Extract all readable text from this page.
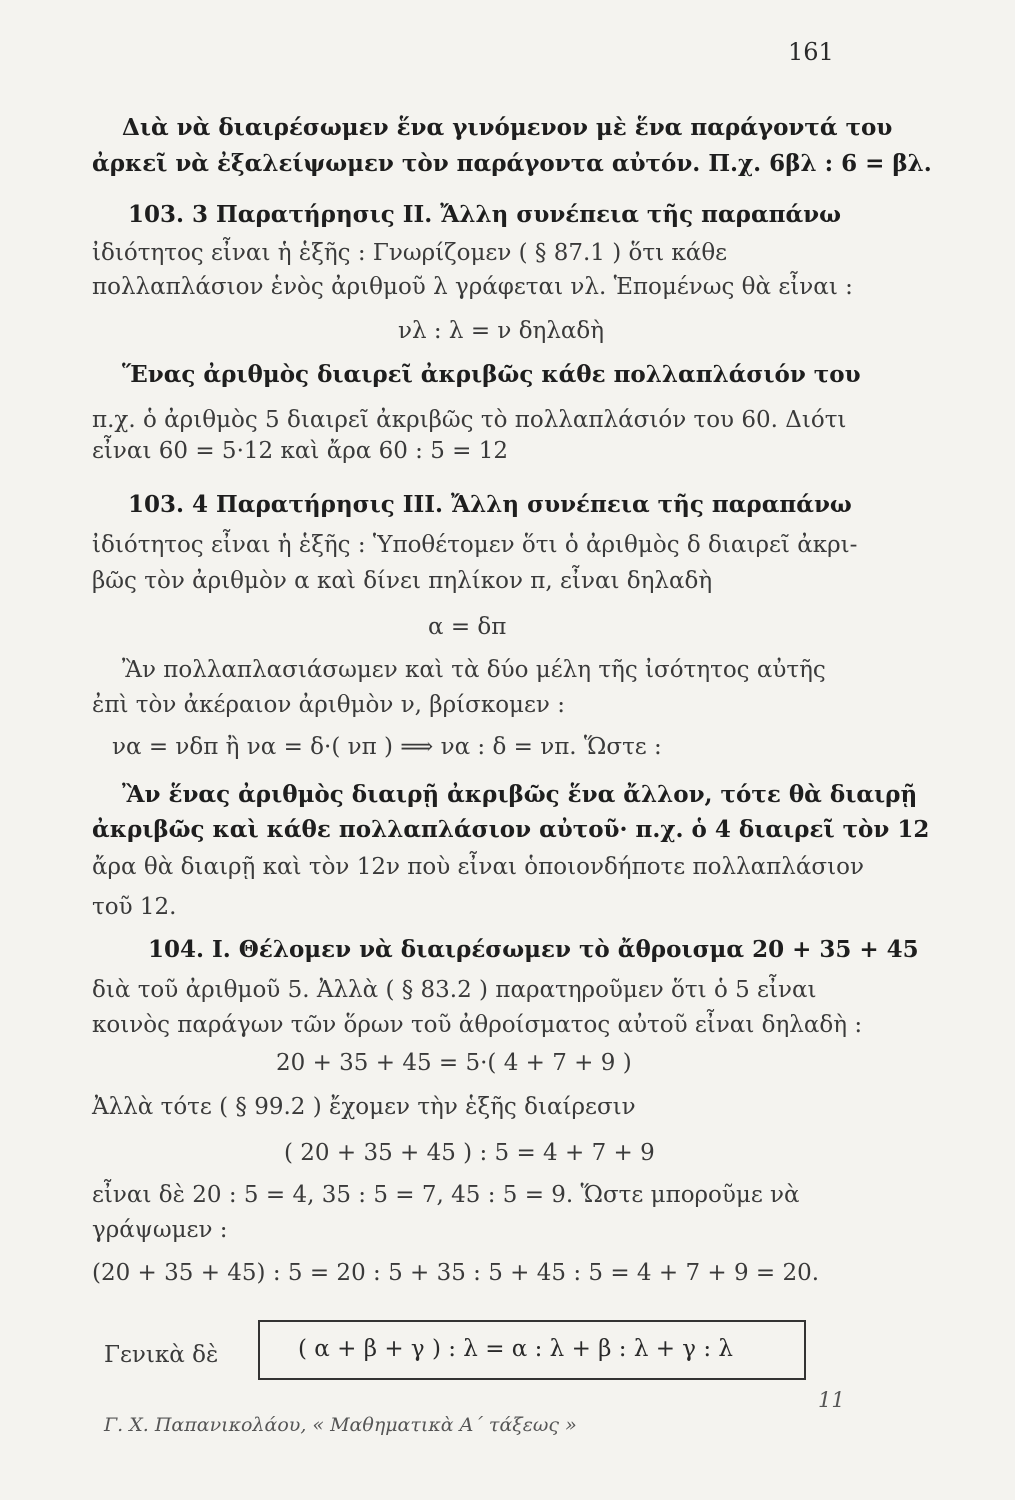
161
Διὰ νὰ διαιρέσωμεν ἕνα γινόμενον μὲ ἕνα παράγοντά του
ἀρκεῖ νὰ ἐξαλείψωμεν τὸν παράγοντα αὐτόν. Π.χ. 6βλ : 6 = βλ.
103. 3 Παρατήρησις ΙΙ. Ἄλλη συνέπεια τῆς παραπάνω
ἰδιότητος εἶναι ἡ ἑξῆς : Γνωρίζομεν ( § 87.1 ) ὅτι κάθε
πολλαπλάσιον ἑνὸς ἀριθμοῦ λ γράφεται νλ. Ἑπομένως θὰ εἶναι :
νλ : λ = ν δηλαδὴ
Ἕνας ἀριθμὸς διαιρεῖ ἀκριβῶς κάθε πολλαπλάσιόν του
π.χ. ὁ ἀριθμὸς 5 διαιρεῖ ἀκριβῶς τὸ πολλαπλάσιόν του 60. Διότι
εἶναι 60 = 5·12 καὶ ἄρα 60 : 5 = 12
103. 4 Παρατήρησις ΙΙΙ. Ἄλλη συνέπεια τῆς παραπάνω
ἰδιότητος εἶναι ἡ ἑξῆς : Ὑποθέτομεν ὅτι ὁ ἀριθμὸς δ διαιρεῖ ἀκρι-
βῶς τὸν ἀριθμὸν α καὶ δίνει πηλίκον π, εἶναι δηλαδὴ
α = δπ
Ἂν πολλαπλασιάσωμεν καὶ τὰ δύο μέλη τῆς ἰσότητος αὐτῆς
ἐπὶ τὸν ἀκέραιον ἀριθμὸν ν, βρίσκομεν :
να = νδπ ἢ να = δ·( νπ ) ⟹ να : δ = νπ. Ὥστε :
Ἂν ἕνας ἀριθμὸς διαιρῇ ἀκριβῶς ἕνα ἄλλον, τότε θὰ διαιρῇ
ἀκριβῶς καὶ κάθε πολλαπλάσιον αὐτοῦ· π.χ. ὁ 4 διαιρεῖ τὸν 12
ἄρα θὰ διαιρῇ καὶ τὸν 12ν ποὺ εἶναι ὁποιονδήποτε πολλαπλάσιον
τοῦ 12.
104. Ι. Θέλομεν νὰ διαιρέσωμεν τὸ ἄθροισμα 20 + 35 + 45
διὰ τοῦ ἀριθμοῦ 5. Ἀλλὰ ( § 83.2 ) παρατηροῦμεν ὅτι ὁ 5 εἶναι
κοινὸς παράγων τῶν ὅρων τοῦ ἀθροίσματος αὐτοῦ εἶναι δηλαδὴ :
20 + 35 + 45 = 5·( 4 + 7 + 9 )
Ἀλλὰ τότε ( § 99.2 ) ἔχομεν τὴν ἑξῆς διαίρεσιν
( 20 + 35 + 45 ) : 5 = 4 + 7 + 9
εἶναι δὲ 20 : 5 = 4, 35 : 5 = 7, 45 : 5 = 9. Ὥστε μποροῦμε νὰ
γράψωμεν :
(20 + 35 + 45) : 5 = 20 : 5 + 35 : 5 + 45 : 5 = 4 + 7 + 9 = 20.
Γενικὰ δὲ	( α + β + γ ) : λ = α : λ + β : λ + γ : λ
11
Γ. Χ. Παπανικολάου, « Μαθηματικὰ Α΄ τάξεως »
